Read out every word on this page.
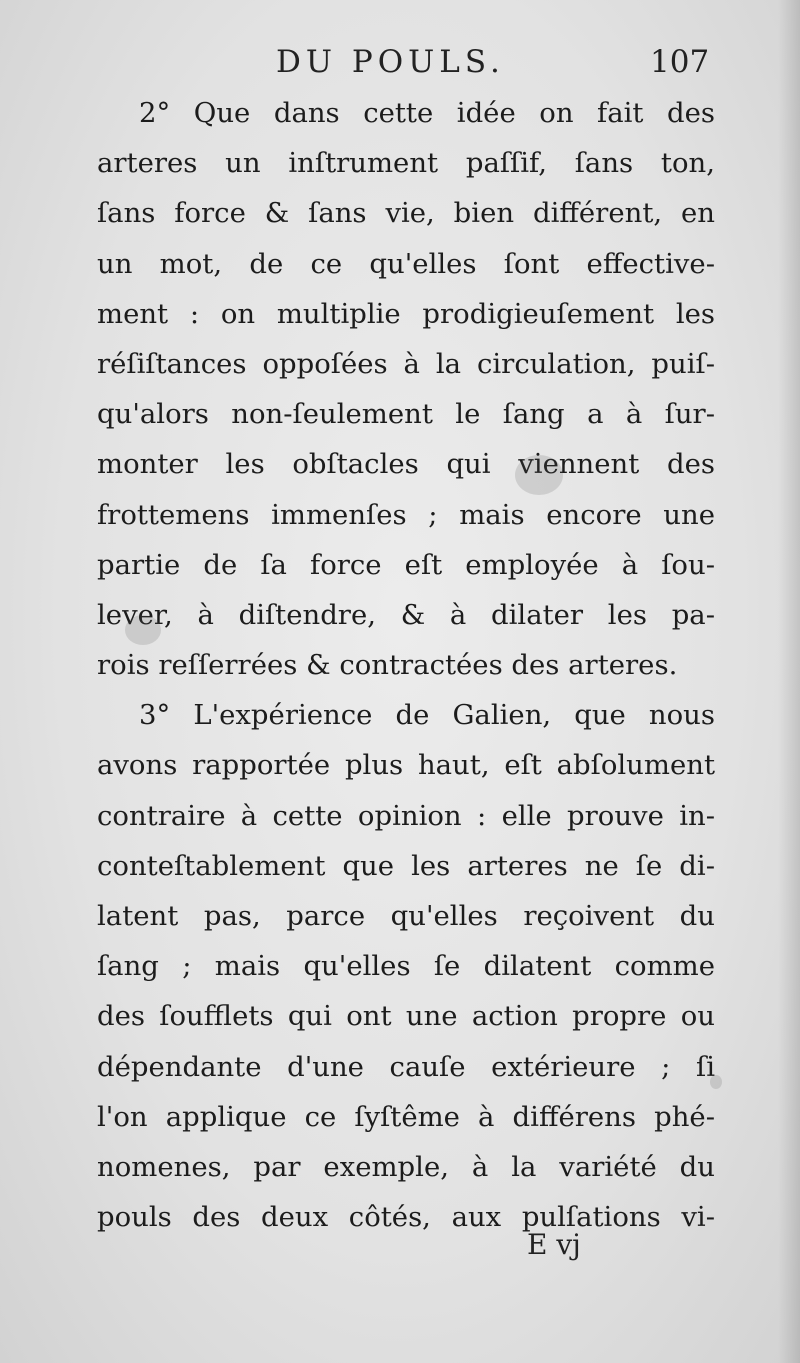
DU POULS.	107
2° Que dans cette idée on fait des
arteres un inſtrument paſſif, ſans ton,
ſans force & ſans vie, bien différent, en
un mot, de ce qu'elles ſont effectivе-
ment : on multiplie prodigieuſement les
réſiſtances oppoſées à la circulation, puiſ-
qu'alors non-ſeulement le ſang a à ſur-
monter les obſtacles qui viennent des
frottemens immenſes ; mais encore une
partie de ſa force eſt employée à ſou-
lever, à diſtendre, & à dilater les pa-
rois reſſerrées & contractées des arteres.
3° L'expérience de Galien, que nous
avons rapportée plus haut, eſt abſolument
contraire à cette opinion : elle prouve in-
conteſtablement que les arteres ne ſe di-
latent pas, parce qu'elles reçoivent du
ſang ; mais qu'elles ſe dilatent comme
des ſoufflets qui ont une action propre ou
dépendante d'une cauſe extérieure ; ſi
l'on applique ce ſyſtême à différens phé-
nomenes, par exemple, à la variété du
pouls des deux côtés, aux pulſations vi-
E vj
